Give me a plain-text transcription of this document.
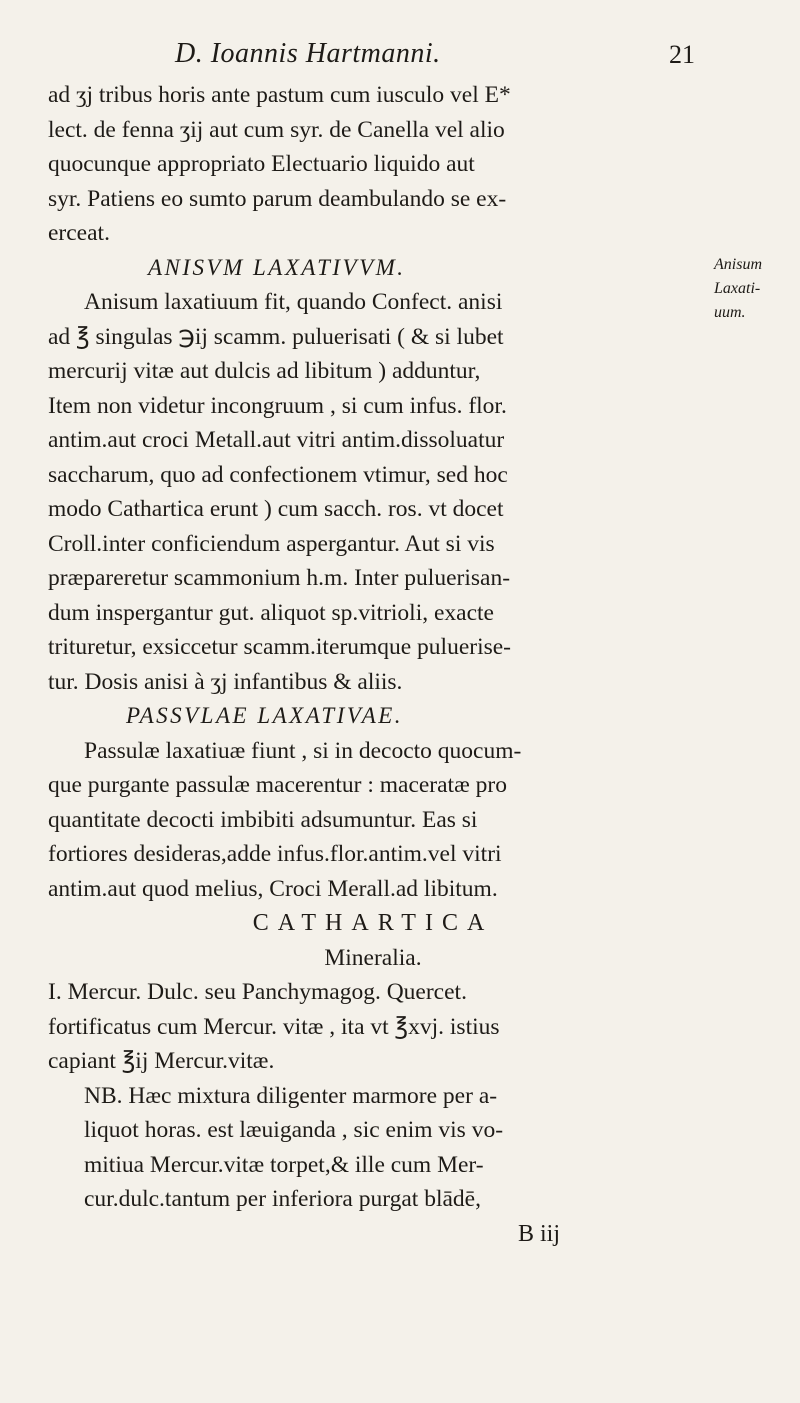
D. Ioannis Hartmanni.	21
Anisum
Laxati-
uum.
ad ʒj tribus horis ante pastum cum iusculo vel E*
lect. de fenna ʒij aut cum syr. de Canella vel alio
quocunque appropriato Electuario liquido aut
syr. Patiens eo sumto parum deambulando se ex-
erceat.
ANISVM LAXATIVVM.
Anisum laxatiuum fit, quando Confect. anisi
ad ℥ singulas ℈ij scamm. puluerisati ( & si lubet
mercurij vitæ aut dulcis ad libitum ) adduntur,
Item non videtur incongruum , si cum infus. flor.
antim.aut croci Metall.aut vitri antim.dissoluatur
saccharum, quo ad confectionem vtimur, sed hoc
modo Cathartica erunt ) cum sacch. ros. vt docet
Croll.inter conficiendum aspergantur. Aut si vis
præpareretur scammonium h.m. Inter puluerisan-
dum inspergantur gut. aliquot sp.vitrioli, exacte
trituretur, exsiccetur scamm.iterumque puluerise-
tur. Dosis anisi à ʒj infantibus & aliis.
PASSVLAE LAXATIVAE.
Passulæ laxatiuæ fiunt , si in decocto quocum-
que purgante passulæ macerentur : maceratæ pro
quantitate decocti imbibiti adsumuntur. Eas si
fortiores desideras,adde infus.flor.antim.vel vitri
antim.aut quod melius, Croci Merall.ad libitum.
CATHARTICA
Mineralia.
I. Mercur. Dulc. seu Panchymagog. Quercet.
fortificatus cum Mercur. vitæ , ita vt ℥xvj. istius
capiant ℥ij Mercur.vitæ.
NB. Hæc mixtura diligenter marmore per a-
liquot horas. est læuiganda , sic enim vis vo-
mitiua Mercur.vitæ torpet,& ille cum Mer-
cur.dulc.tantum per inferiora purgat blādē,
B iij
